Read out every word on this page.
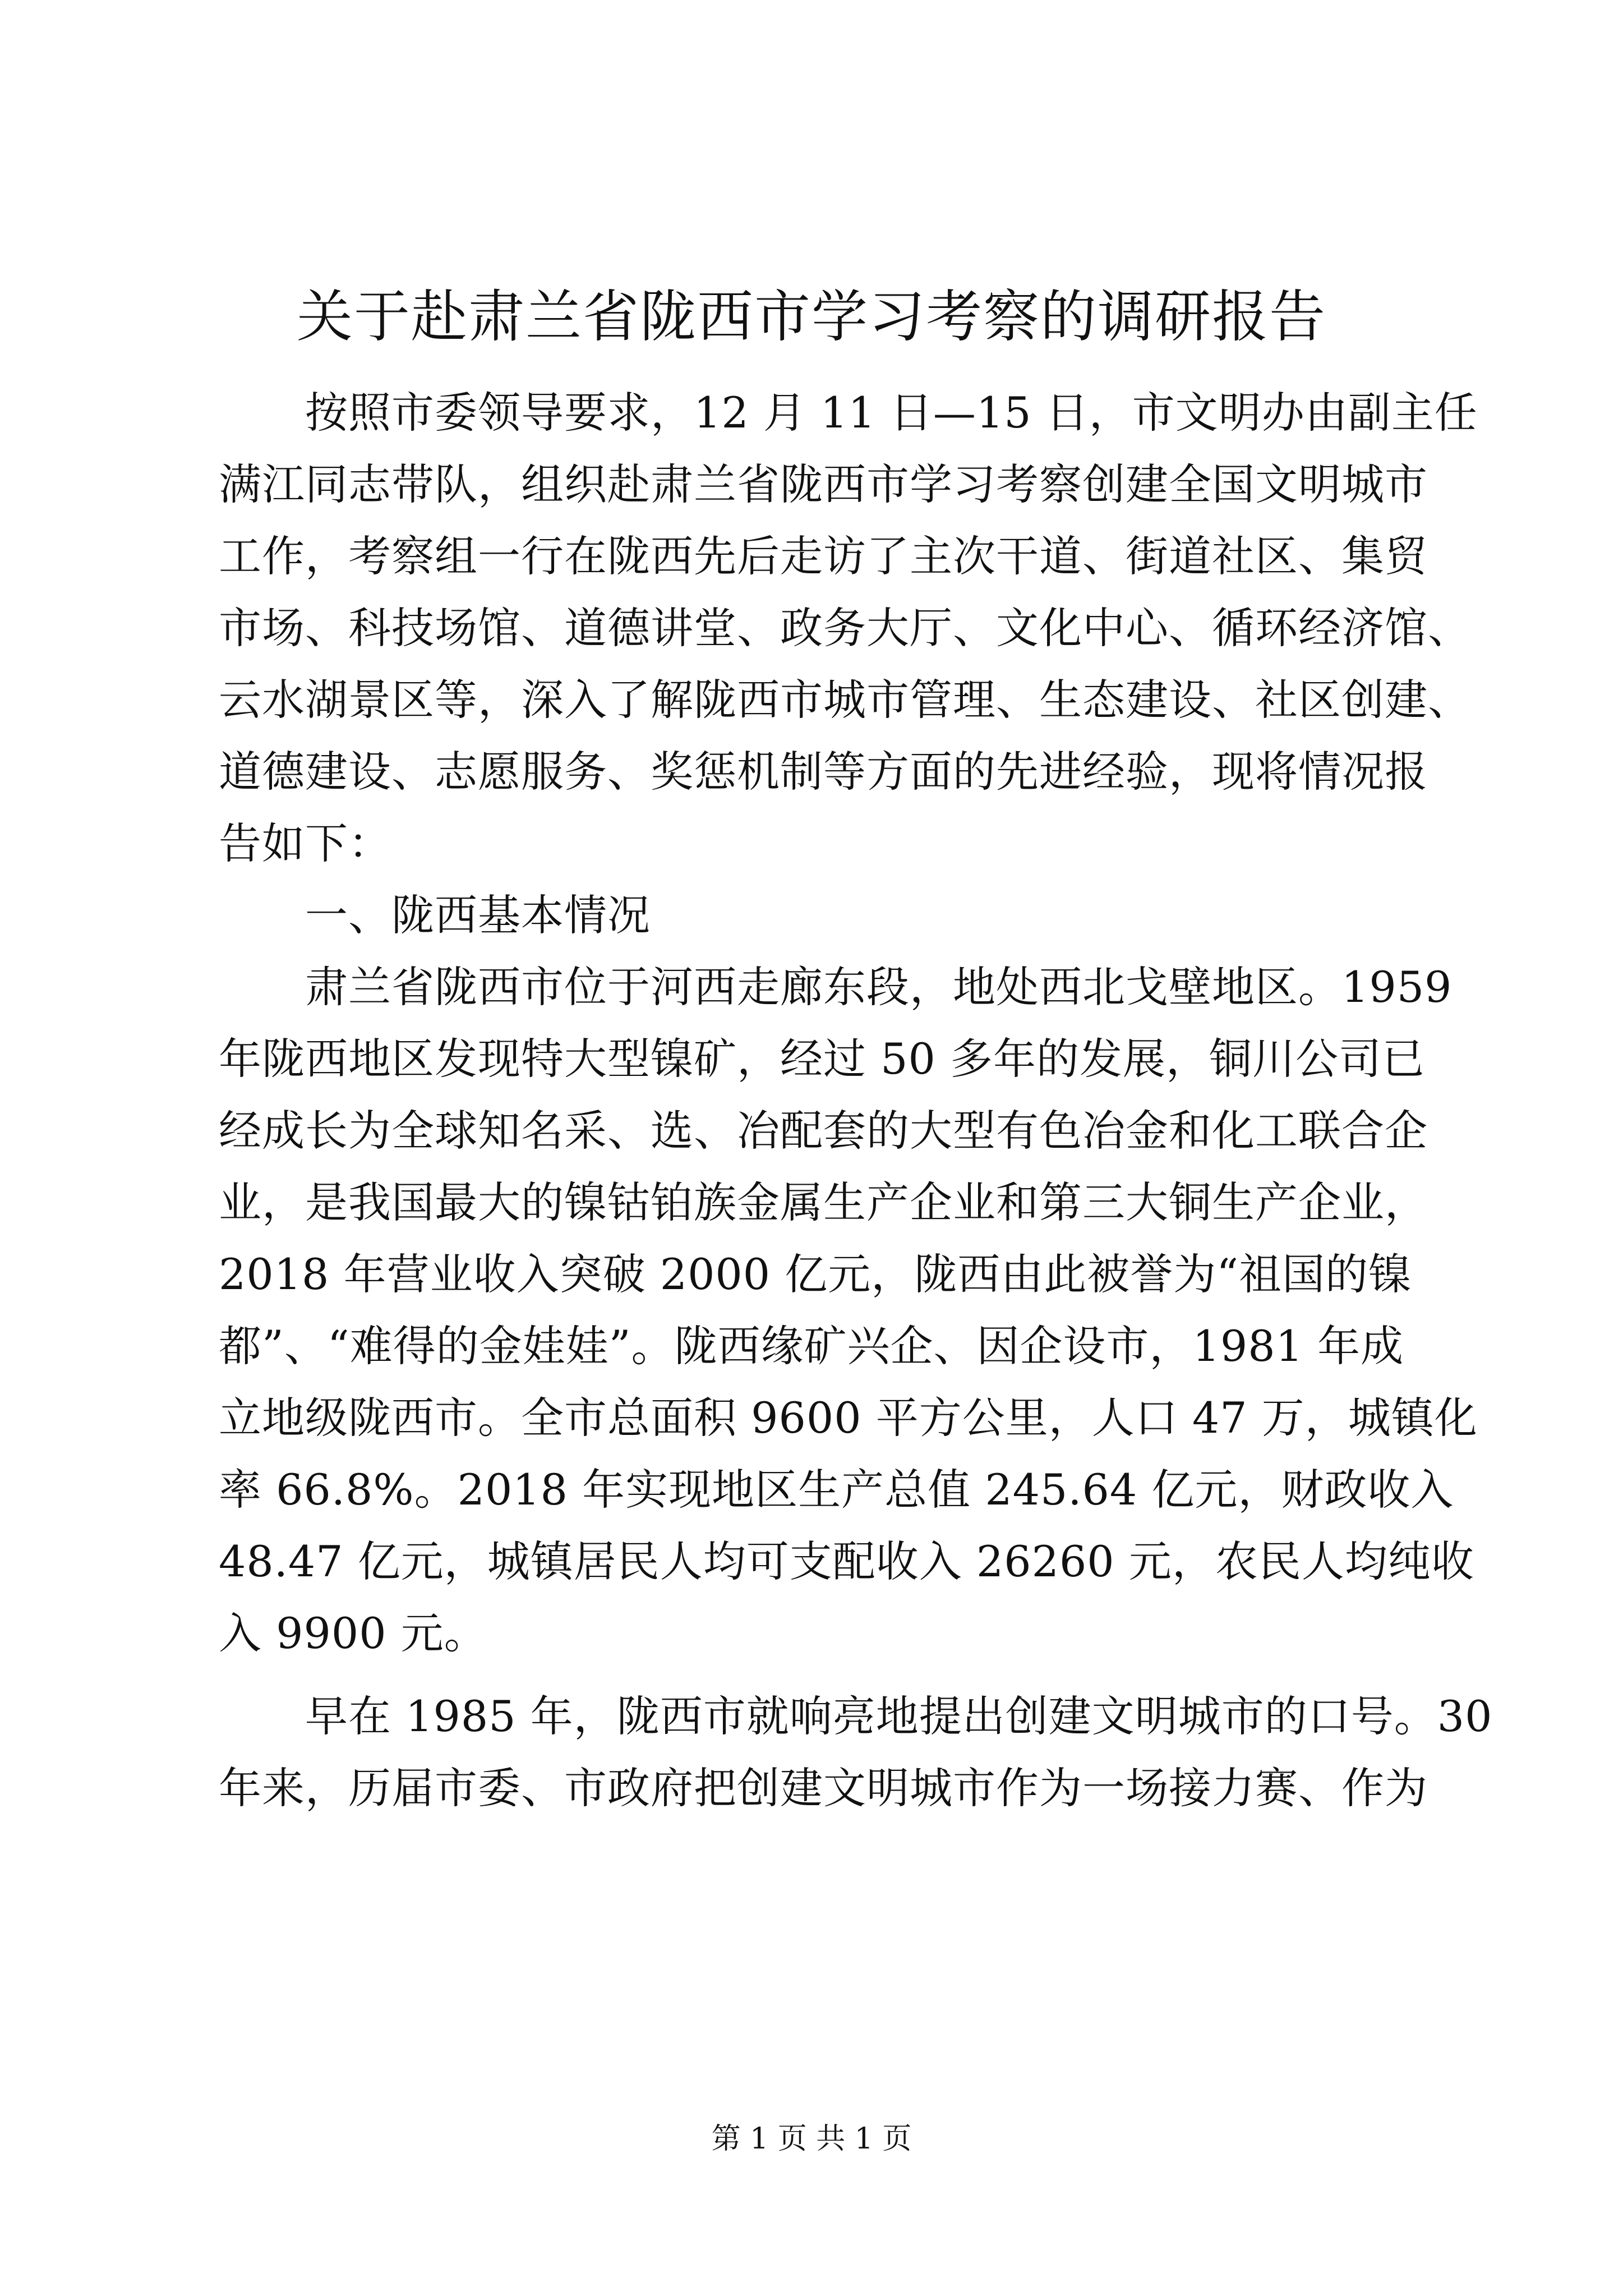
关于赴肃兰省陇西市学习考察的调研报告

　　按照市委领导要求，12 月 11 日—15 日，市文明办由副主任

满江同志带队，组织赴肃兰省陇西市学习考察创建全国文明城市

工作，考察组一行在陇西先后走访了主次干道、街道社区、集贸

市场、科技场馆、道德讲堂、政务大厅、文化中心、循环经济馆、

云水湖景区等，深入了解陇西市城市管理、生态建设、社区创建、

道德建设、志愿服务、奖惩机制等方面的先进经验，现将情况报

告如下：

　　一、陇西基本情况

　　肃兰省陇西市位于河西走廊东段，地处西北戈壁地区。1959

年陇西地区发现特大型镍矿，经过 50 多年的发展，铜川公司已

经成长为全球知名采、选、冶配套的大型有色冶金和化工联合企

业，是我国最大的镍钴铂族金属生产企业和第三大铜生产企业，

2018 年营业收入突破 2000 亿元，陇西由此被誉为“祖国的镍

都”、“难得的金娃娃”。陇西缘矿兴企、因企设市，1981 年成

立地级陇西市。全市总面积 9600 平方公里，人口 47 万，城镇化

率 66.8%。2018 年实现地区生产总值 245.64 亿元，财政收入

48.47 亿元，城镇居民人均可支配收入 26260 元，农民人均纯收

入 9900 元。

　　早在 1985 年，陇西市就响亮地提出创建文明城市的口号。30

年来，历届市委、市政府把创建文明城市作为一场接力赛、作为

第 1 页 共 1 页
